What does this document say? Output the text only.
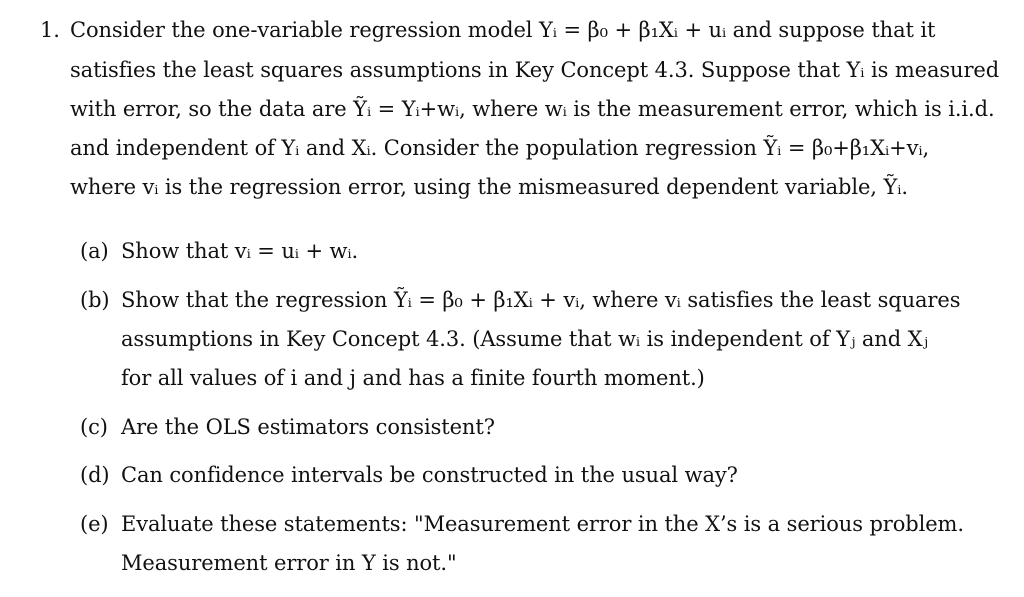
1. Consider the one-variable regression model Yᵢ = β₀ + β₁Xᵢ + uᵢ and suppose that it
satisfies the least squares assumptions in Key Concept 4.3. Suppose that Yᵢ is measured
with error, so the data are Ỹᵢ = Yᵢ+wᵢ, where wᵢ is the measurement error, which is i.i.d.
and independent of Yᵢ and Xᵢ. Consider the population regression Ỹᵢ = β₀+β₁Xᵢ+vᵢ,
where vᵢ is the regression error, using the mismeasured dependent variable, Ỹᵢ.
(a) Show that vᵢ = uᵢ + wᵢ.
(b) Show that the regression Ỹᵢ = β₀ + β₁Xᵢ + vᵢ, where vᵢ satisfies the least squares
assumptions in Key Concept 4.3. (Assume that wᵢ is independent of Yⱼ and Xⱼ
for all values of i and j and has a finite fourth moment.)
(c) Are the OLS estimators consistent?
(d) Can confidence intervals be constructed in the usual way?
(e) Evaluate these statements: "Measurement error in the X’s is a serious problem.
Measurement error in Y is not."
